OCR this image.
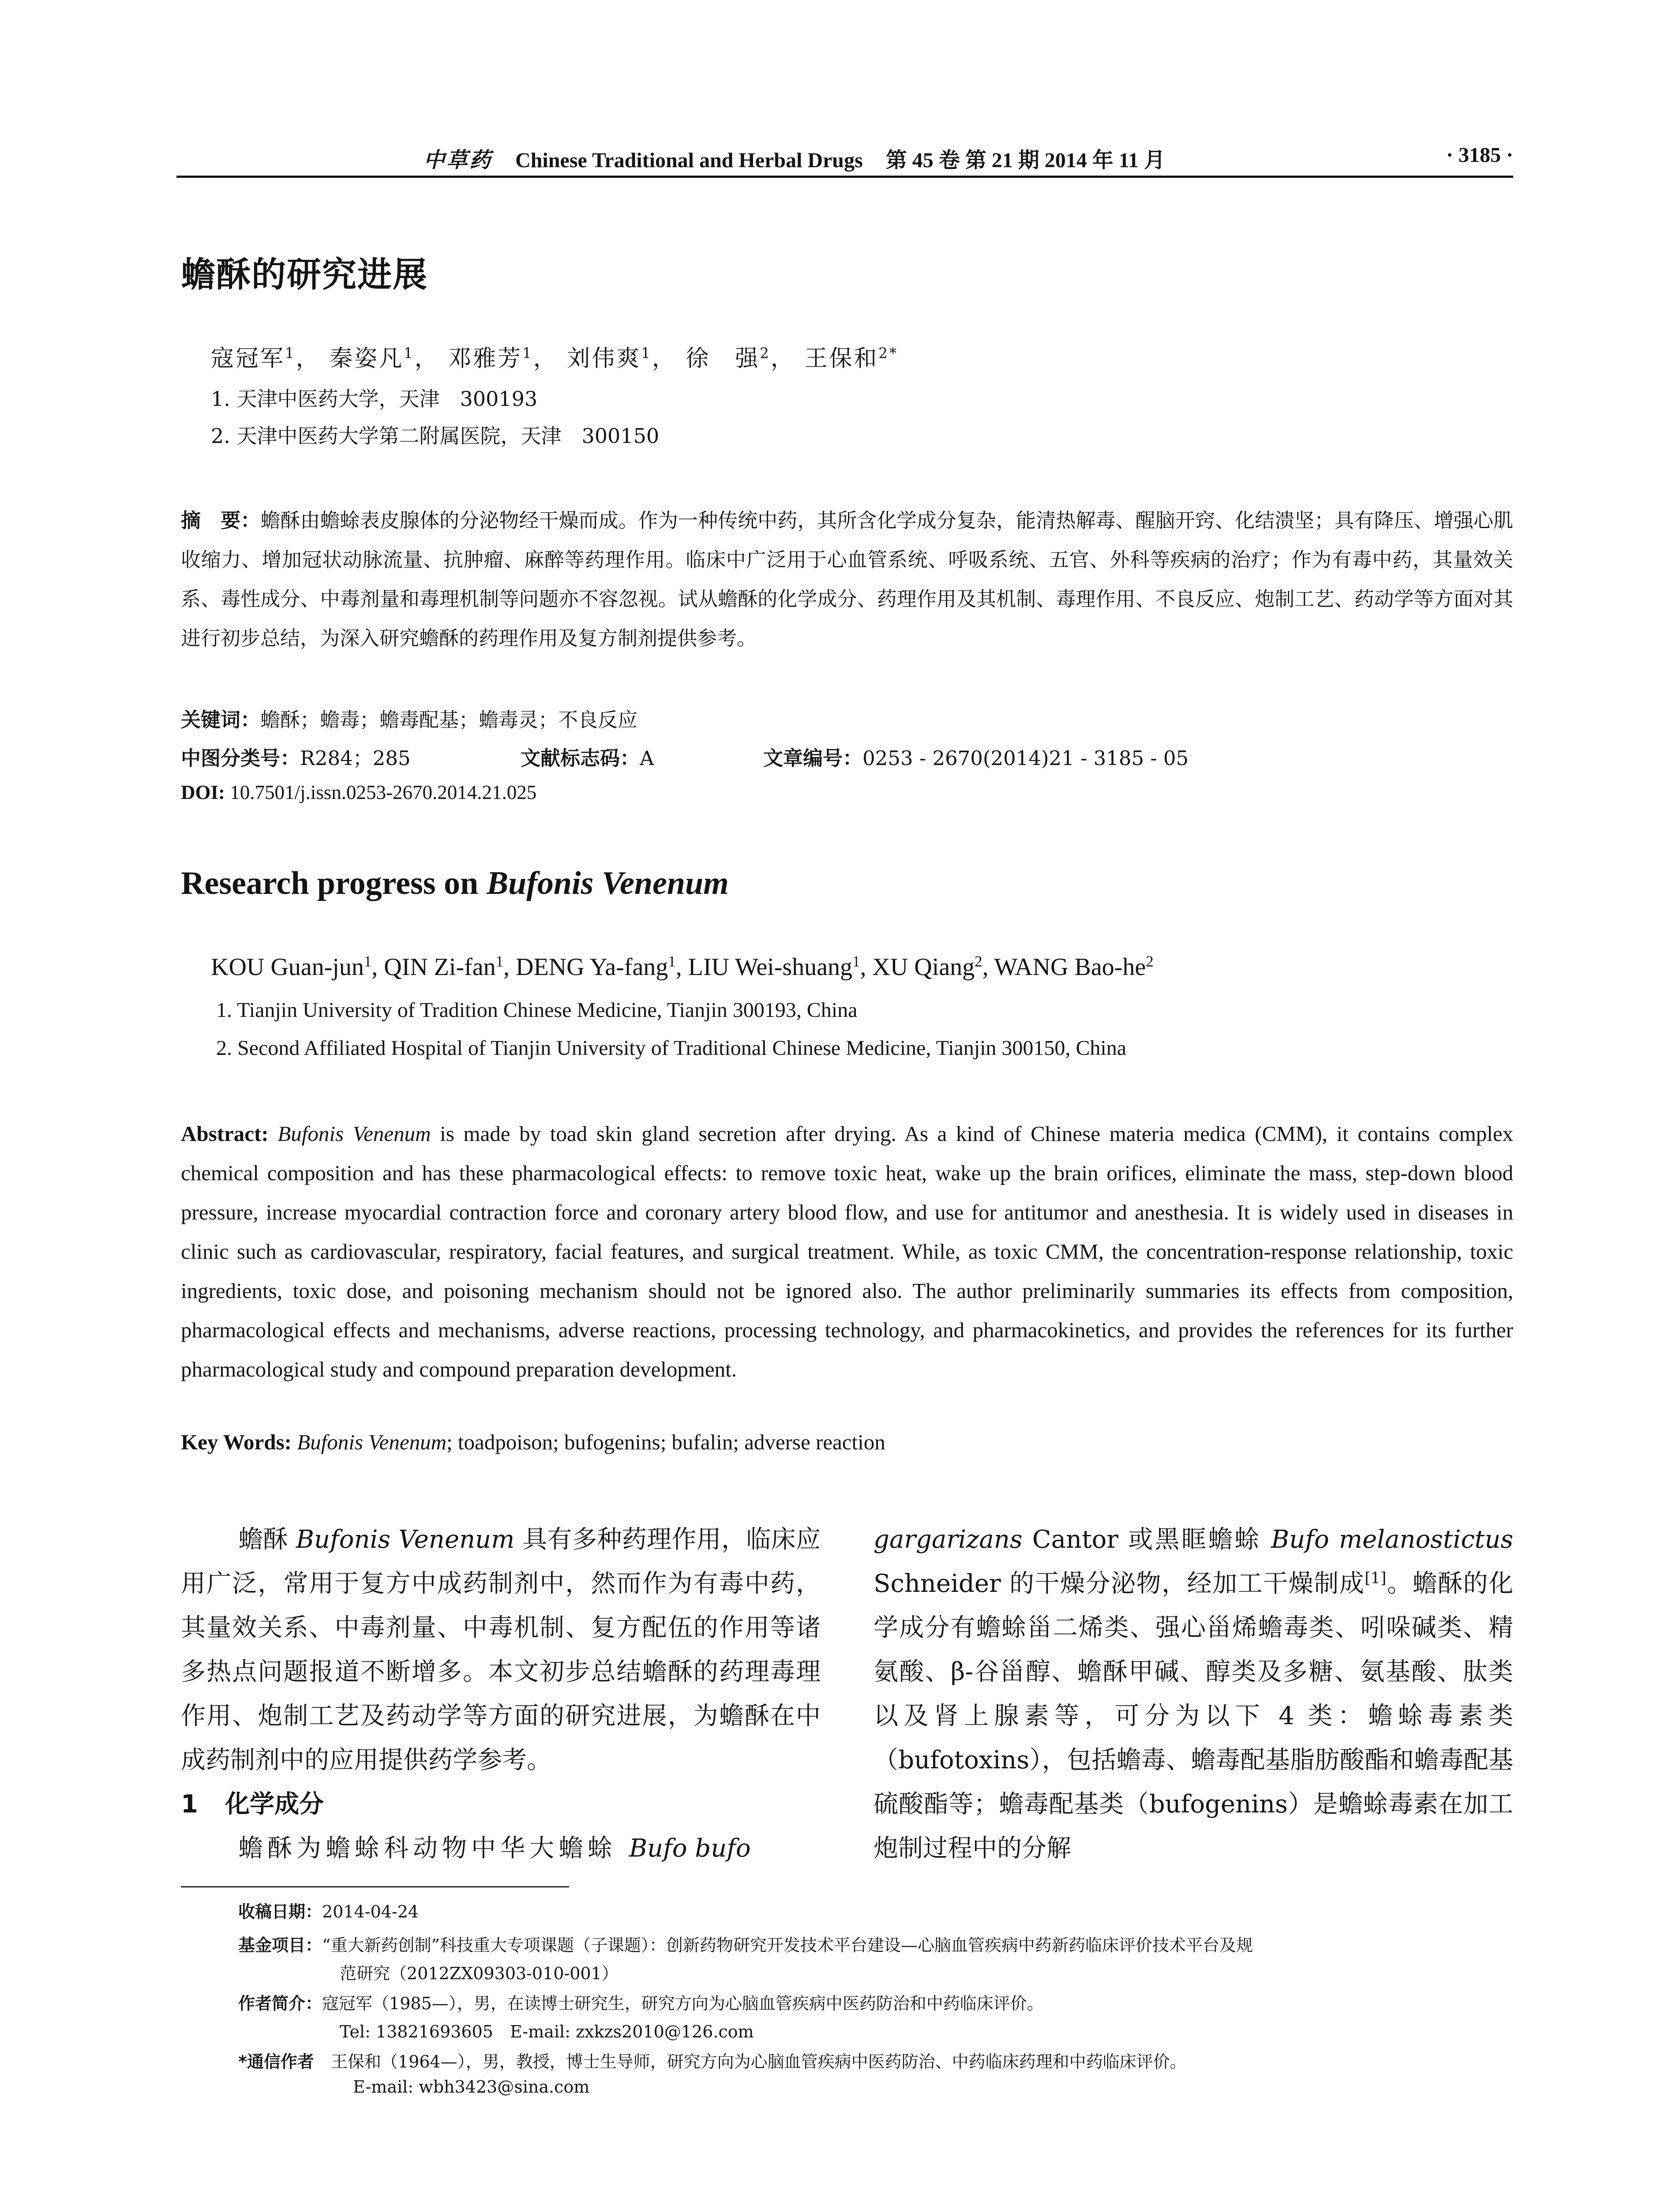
中草药 Chinese Traditional and Herbal Drugs 第 45 卷 第 21 期 2014 年 11 月	· 3185 ·
蟾酥的研究进展
寇冠军$^1$， 秦姿凡$^1$， 邓雅芳$^1$， 刘伟爽$^1$， 徐　强$^2$， 王保和$^{2*}$
1. 天津中医药大学，天津　300193
2. 天津中医药大学第二附属医院，天津　300150
摘　要：蟾酥由蟾蜍表皮腺体的分泌物经干燥而成。作为一种传统中药，其所含化学成分复杂，能清热解毒、醒脑开窍、化结溃坚；具有降压、增强心肌收缩力、增加冠状动脉流量、抗肿瘤、麻醉等药理作用。临床中广泛用于心血管系统、呼吸系统、五官、外科等疾病的治疗；作为有毒中药，其量效关系、毒性成分、中毒剂量和毒理机制等问题亦不容忽视。试从蟾酥的化学成分、药理作用及其机制、毒理作用、不良反应、炮制工艺、药动学等方面对其进行初步总结，为深入研究蟾酥的药理作用及复方制剂提供参考。
关键词：蟾酥；蟾毒；蟾毒配基；蟾毒灵；不良反应
中图分类号：R284；285	文献标志码：A	文章编号：0253 - 2670(2014)21 - 3185 - 05
DOI: 10.7501/j.issn.0253-2670.2014.21.025
Research progress on Bufonis Venenum
KOU Guan-jun$^1$, QIN Zi-fan$^1$, DENG Ya-fang$^1$, LIU Wei-shuang$^1$, XU Qiang$^2$, WANG Bao-$he^2$
1. Tianjin University of Tradition Chinese Medicine, Tianjin 300193, China
2. Second Affiliated Hospital of Tianjin University of Traditional Chinese Medicine, Tianjin 300150, China
Abstract: Bufonis Venenum is made by toad skin gland secretion after drying. As a kind of Chinese materia medica (CMM), it contains complex chemical composition and has these pharmacological effects: to remove toxic heat, wake up the brain orifices, eliminate the mass, step-down blood pressure, increase myocardial contraction force and coronary artery blood flow, and use for antitumor and anesthesia. It is widely used in diseases in clinic such as cardiovascular, respiratory, facial features, and surgical treatment. While, as toxic CMM, the concentration-response relationship, toxic ingredients, toxic dose, and poisoning mechanism should not be ignored also. The author preliminarily summaries its effects from composition, pharmacological effects and mechanisms, adverse reactions, processing technology, and pharmacokinetics, and provides the references for its further pharmacological study and compound preparation development.
Key Words: Bufonis Venenum; toadpoison; bufogenins; bufalin; adverse reaction

蟾酥 Bufonis Venenum 具有多种药理作用，临床应用广泛，常用于复方中成药制剂中，然而作为有毒中药，其量效关系、中毒剂量、中毒机制、复方配伍的作用等诸多热点问题报道不断增多。本文初步总结蟾酥的药理毒理作用、炮制工艺及药动学等方面的研究进展，为蟾酥在中成药制剂中的应用提供药学参考。

1 化学成分

蟾酥为蟾蜍科动物中华大蟾蜍 Bufo bufo

gargarizans Cantor 或黑眶蟾蜍 Bufo melanostictus Schneider 的干燥分泌物，经加工干燥制成[1]。蟾酥的化学成分有蟾蜍甾二烯类、强心甾烯蟾毒类、吲哚碱类、精氨酸、β-谷甾醇、蟾酥甲碱、醇类及多糖、氨基酸、肽类以及肾上腺素等，可分为以下 4 类：蟾蜍毒素类（bufotoxins），包括蟾毒、蟾毒配基脂肪酸酯和蟾毒配基硫酸酯等；蟾毒配基类（bufogenins）是蟾蜍毒素在加工炮制过程中的分解

收稿日期：2014-04-24
基金项目：“重大新药创制”科技重大专项课题（子课题）：创新药物研究开发技术平台建设—心脑血管疾病中药新药临床评价技术平台及规
范研究（2012ZX09303-010-001）
作者简介：寇冠军（1985—），男，在读博士研究生，研究方向为心脑血管疾病中医药防治和中药临床评价。
Tel: 13821693605　E-mail: zxkzs2010@126.com
*通信作者　 王保和（1964—），男，教授，博士生导师，研究方向为心脑血管疾病中医药防治、中药临床药理和中药临床评价。
E-mail: wbh3423@sina.com
